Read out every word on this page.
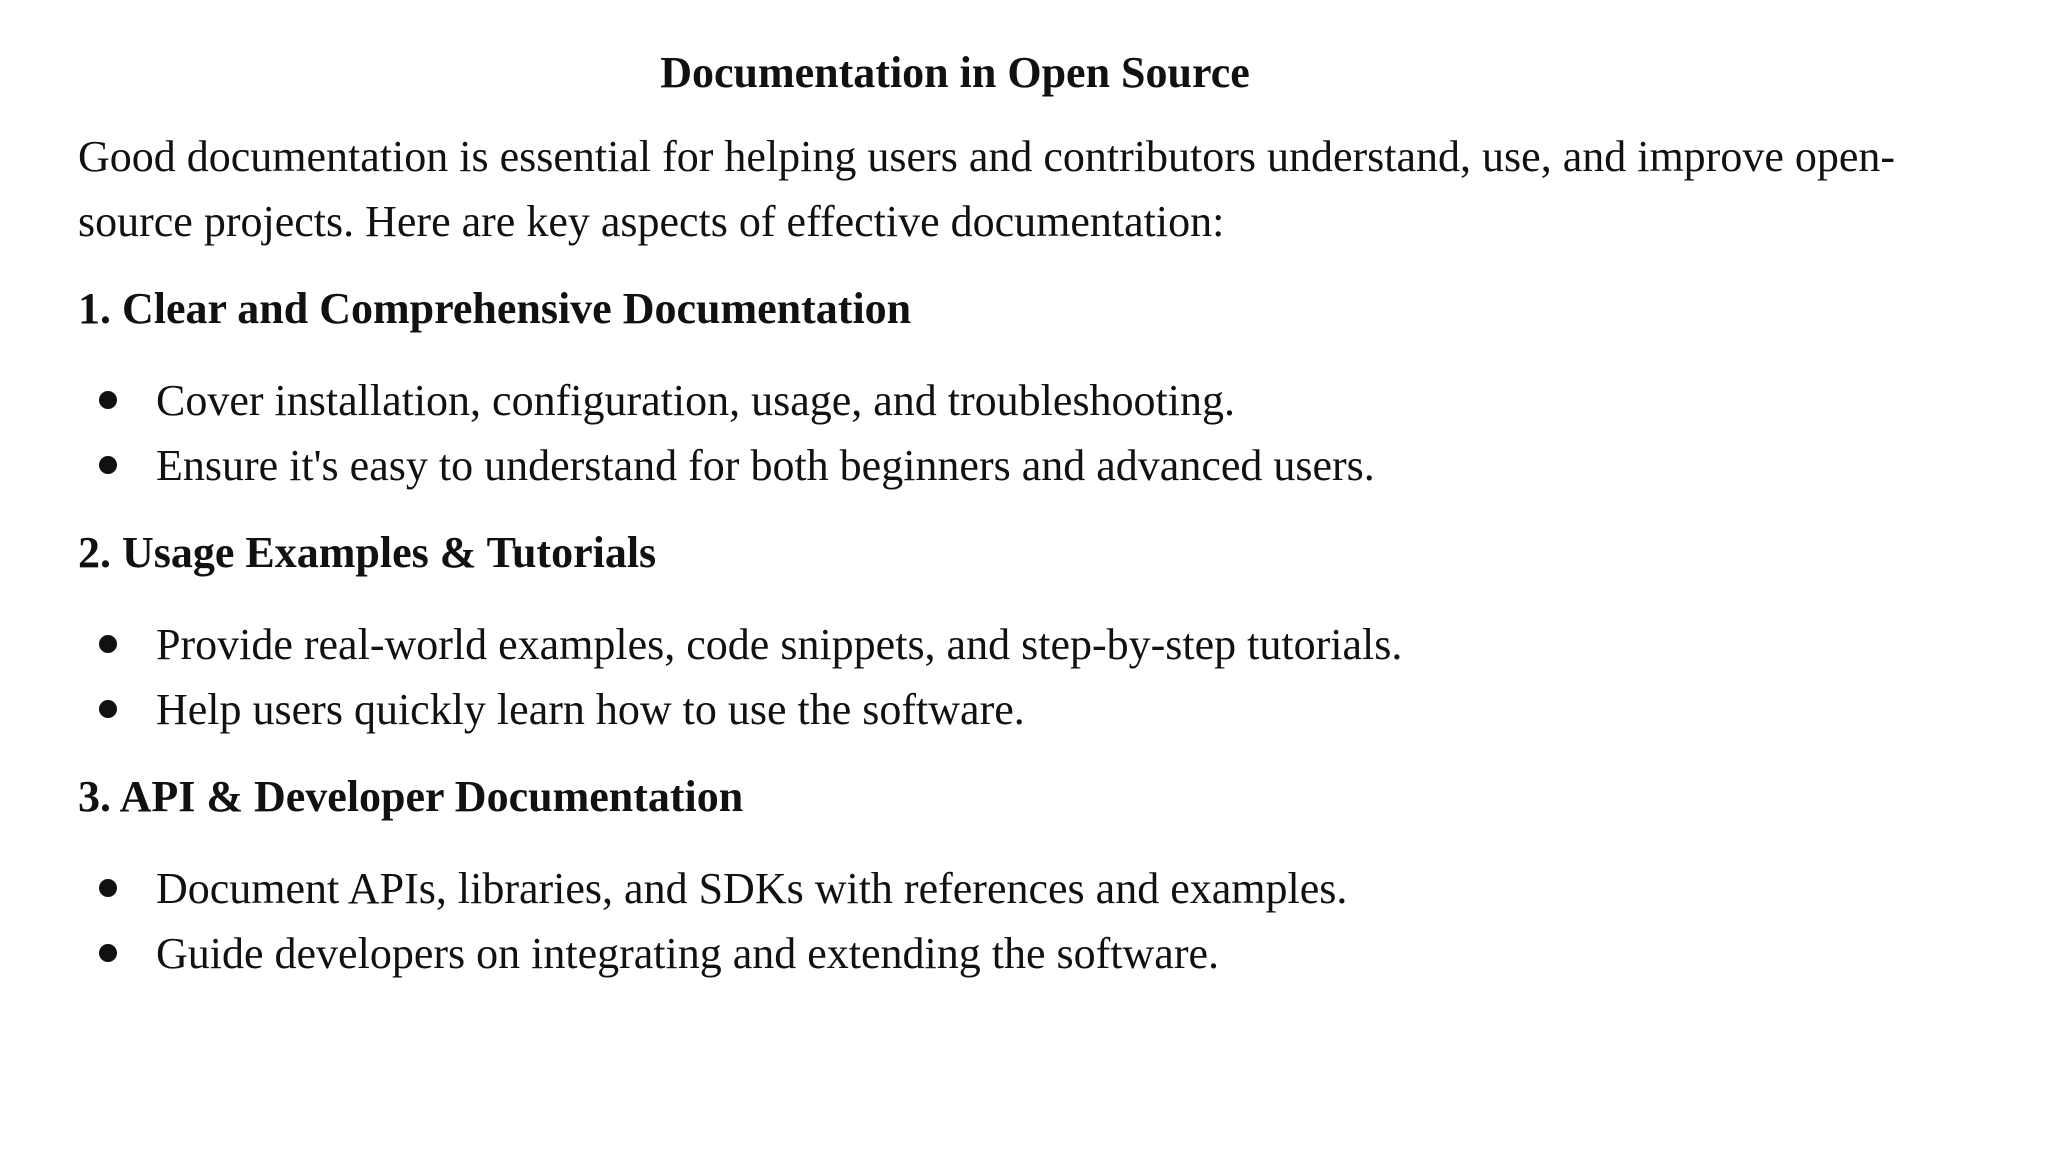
Documentation in Open Source

Good documentation is essential for helping users and contributors understand, use, and improve open-source projects. Here are key aspects of effective documentation:

1. Clear and Comprehensive Documentation
Cover installation, configuration, usage, and troubleshooting.
Ensure it's easy to understand for both beginners and advanced users.
2. Usage Examples & Tutorials
Provide real-world examples, code snippets, and step-by-step tutorials.
Help users quickly learn how to use the software.
3. API & Developer Documentation
Document APIs, libraries, and SDKs with references and examples.
Guide developers on integrating and extending the software.
